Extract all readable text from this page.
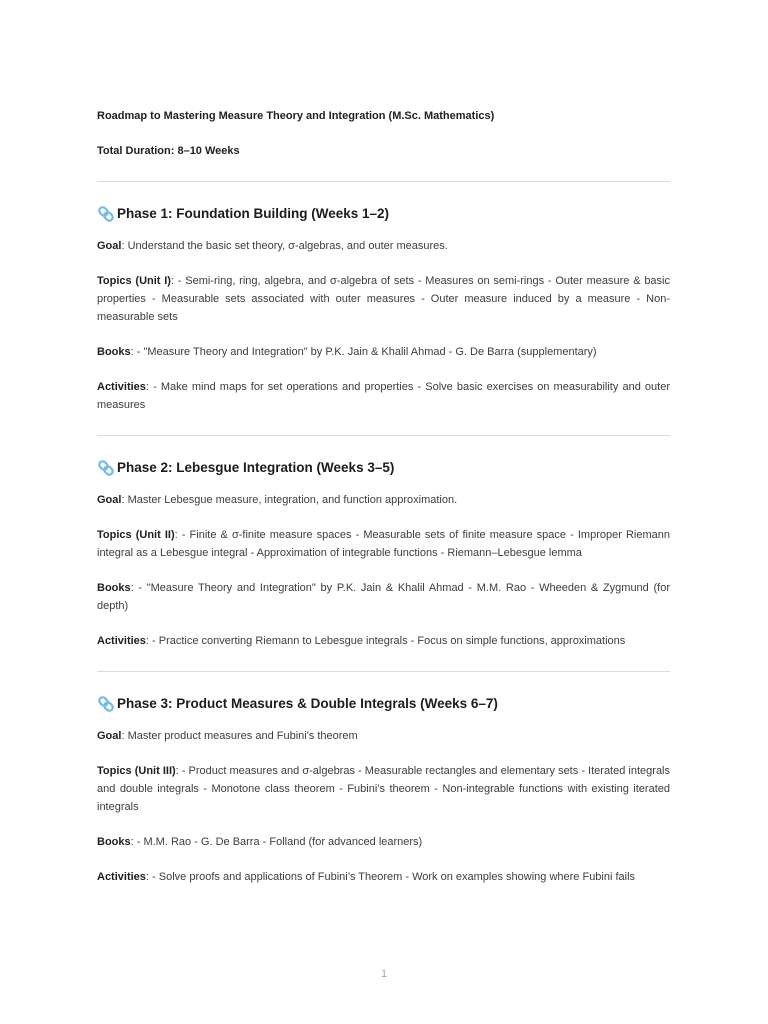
Roadmap to Mastering Measure Theory and Integration (M.Sc. Mathematics)

Total Duration: 8–10 Weeks

Phase 1: Foundation Building (Weeks 1–2)

Goal: Understand the basic set theory, σ-algebras, and outer measures.

Topics (Unit I): - Semi-ring, ring, algebra, and σ-algebra of sets - Measures on semi-rings - Outer measure & basic properties - Measurable sets associated with outer measures - Outer measure induced by a measure - Non-measurable sets

Books: - "Measure Theory and Integration" by P.K. Jain & Khalil Ahmad - G. De Barra (supplementary)

Activities: - Make mind maps for set operations and properties - Solve basic exercises on measurability and outer measures

Phase 2: Lebesgue Integration (Weeks 3–5)

Goal: Master Lebesgue measure, integration, and function approximation.

Topics (Unit II): - Finite & σ-finite measure spaces - Measurable sets of finite measure space - Improper Riemann integral as a Lebesgue integral - Approximation of integrable functions - Riemann–Lebesgue lemma

Books: - "Measure Theory and Integration" by P.K. Jain & Khalil Ahmad - M.M. Rao - Wheeden & Zygmund (for depth)

Activities: - Practice converting Riemann to Lebesgue integrals - Focus on simple functions, approximations

Phase 3: Product Measures & Double Integrals (Weeks 6–7)

Goal: Master product measures and Fubini's theorem

Topics (Unit III): - Product measures and σ-algebras - Measurable rectangles and elementary sets - Iterated integrals and double integrals - Monotone class theorem - Fubini’s theorem - Non-integrable functions with existing iterated integrals

Books: - M.M. Rao - G. De Barra - Folland (for advanced learners)

Activities: - Solve proofs and applications of Fubini’s Theorem - Work on examples showing where Fubini fails

1
